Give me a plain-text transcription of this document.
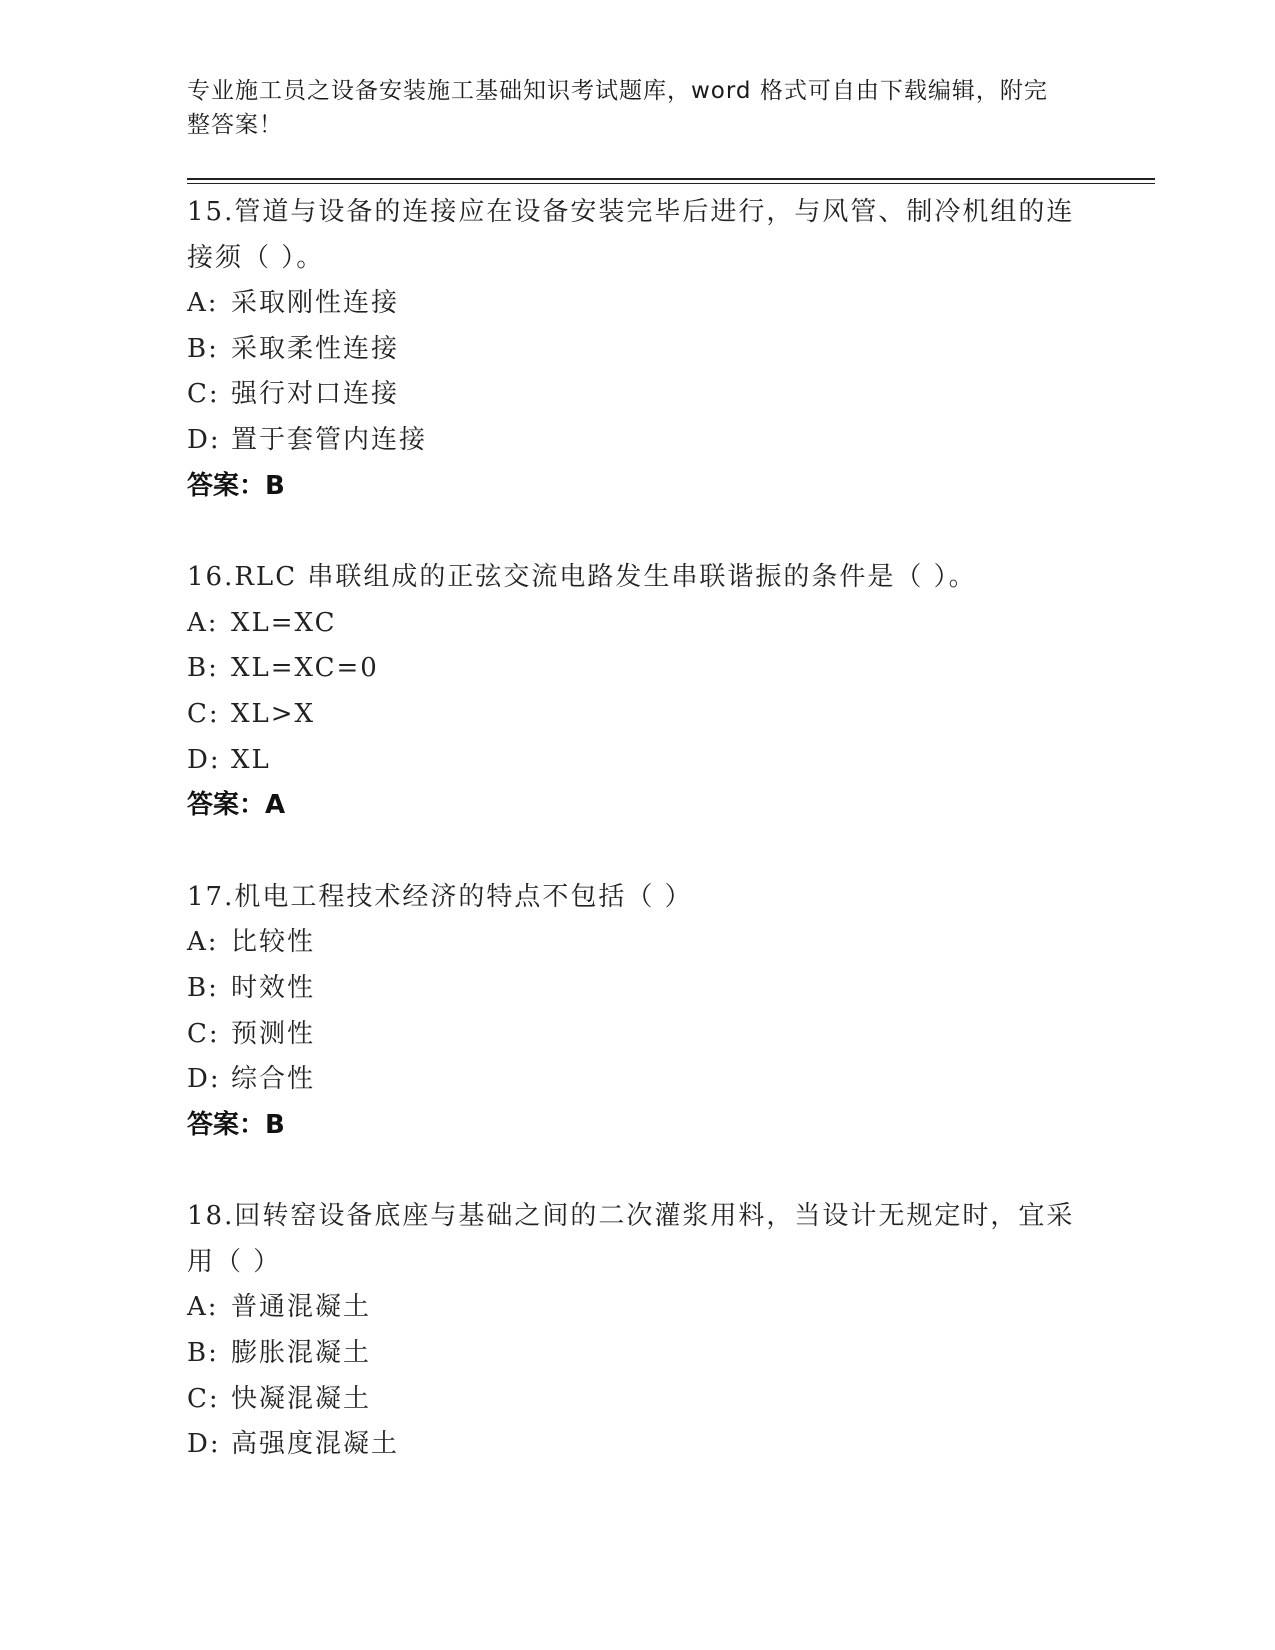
专业施工员之设备安装施工基础知识考试题库，word 格式可自由下载编辑，附完整答案！
15.管道与设备的连接应在设备安装完毕后进行，与风管、制冷机组的连接须（ ）。
A: 采取刚性连接
B: 采取柔性连接
C: 强行对口连接
D: 置于套管内连接
答案：B
16.RLC 串联组成的正弦交流电路发生串联谐振的条件是（ ）。
A: XL=XC
B: XL=XC=0
C: XL>X
D: XL
答案：A
17.机电工程技术经济的特点不包括（ ）
A: 比较性
B: 时效性
C: 预测性
D: 综合性
答案：B
18.回转窑设备底座与基础之间的二次灌浆用料，当设计无规定时，宜采用（ ）
A: 普通混凝土
B: 膨胀混凝土
C: 快凝混凝土
D: 高强度混凝土
